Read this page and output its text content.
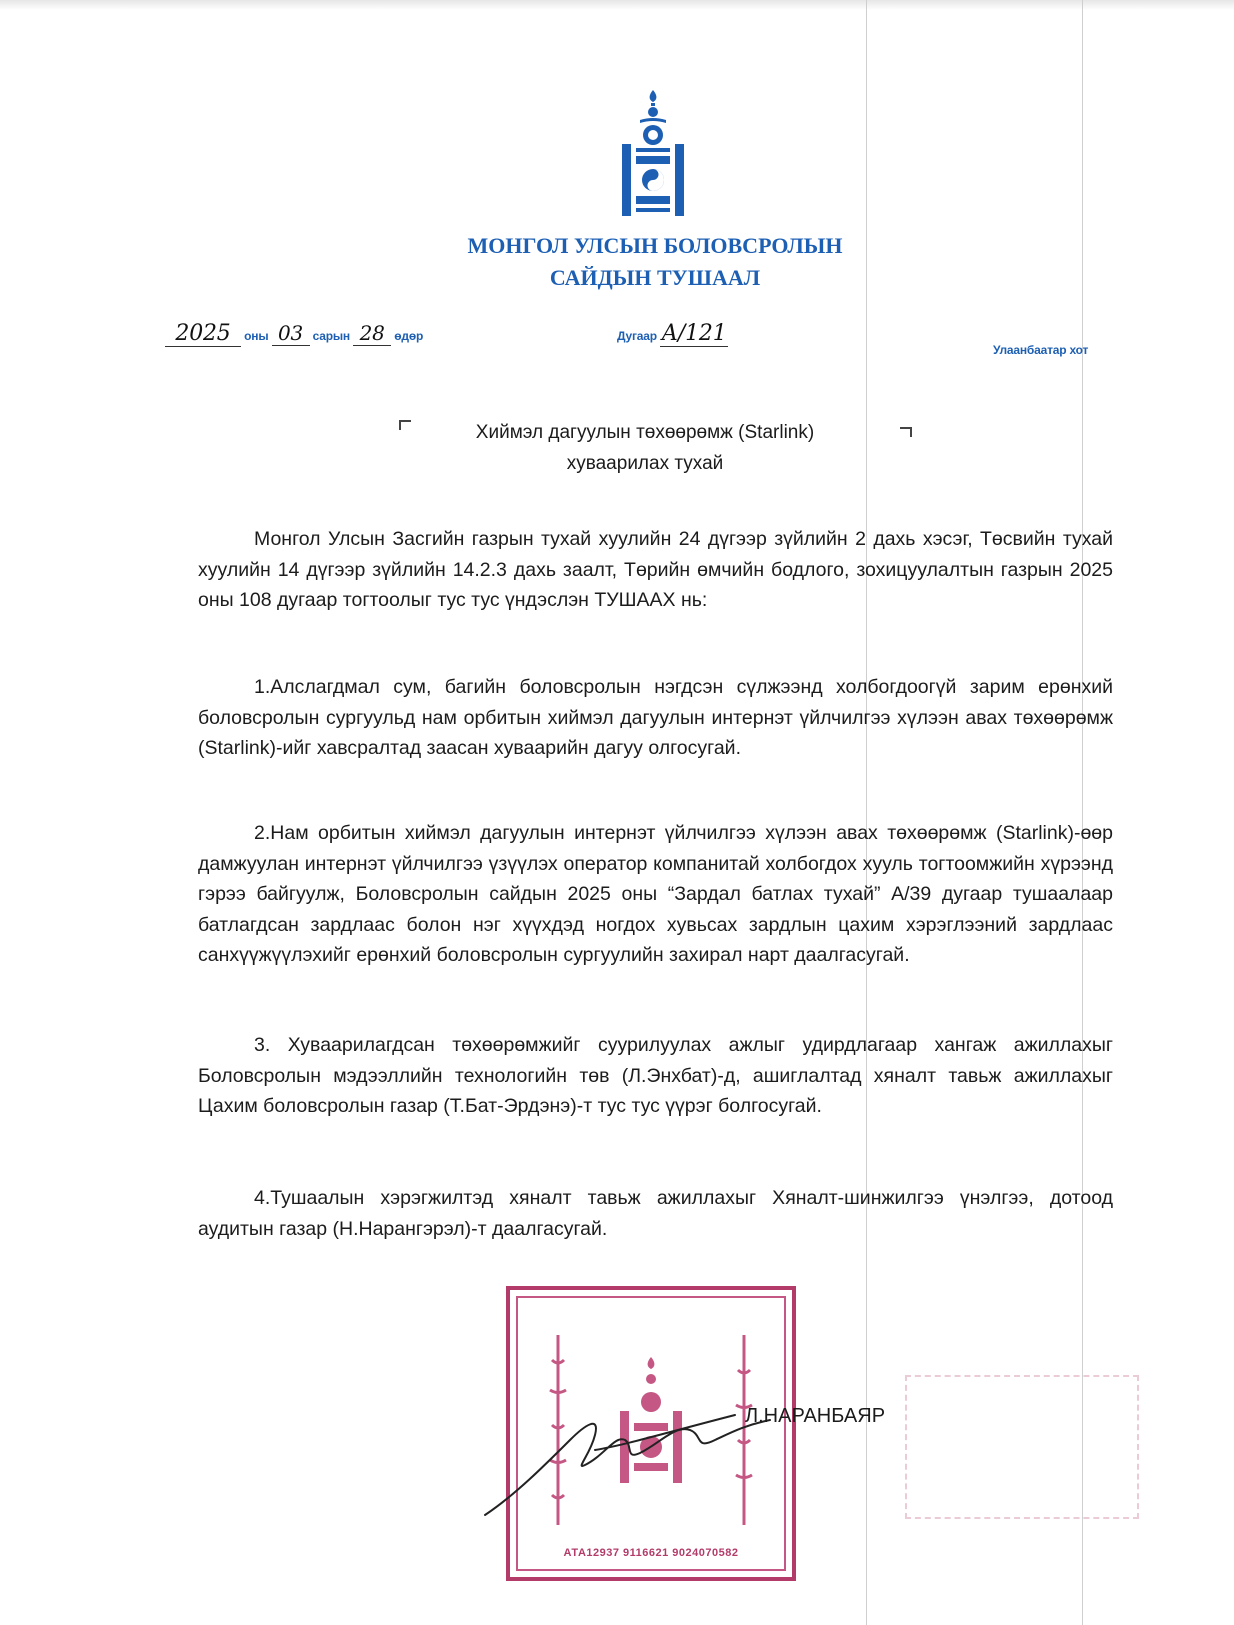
МОНГОЛ УЛСЫН БОЛОВСРОЛЫН
САЙДЫН ТУШААЛ
2025 оны 03 сарын 28 өдөр	Дугаар А/121
Улаанбаатар хот
Хиймэл дагуулын төхөөрөмж (Starlink)
хуваарилах тухай

Монгол Улсын Засгийн газрын тухай хуулийн 24 дүгээр зүйлийн 2 дахь хэсэг, Төсвийн тухай хуулийн 14 дүгээр зүйлийн 14.2.3 дахь заалт, Төрийн өмчийн бодлого, зохицуулалтын газрын 2025 оны 108 дугаар тогтоолыг тус тус үндэслэн ТУШААХ нь:

1.Алслагдмал сум, багийн боловсролын нэгдсэн сүлжээнд холбогдоогүй зарим ерөнхий боловсролын сургуульд нам орбитын хиймэл дагуулын интернэт үйлчилгээ хүлээн авах төхөөрөмж (Starlink)-ийг хавсралтад заасан хуваарийн дагуу олгосугай.

2.Нам орбитын хиймэл дагуулын интернэт үйлчилгээ хүлээн авах төхөөрөмж (Starlink)-өөр дамжуулан интернэт үйлчилгээ үзүүлэх оператор компанитай холбогдох хууль тогтоомжийн хүрээнд гэрээ байгуулж, Боловсролын сайдын 2025 оны “Зардал батлах тухай” А/39 дугаар тушаалаар батлагдсан зардлаас болон нэг хүүхдэд ногдох хувьсах зардлын цахим хэрэглээний зардлаас санхүүжүүлэхийг ерөнхий боловсролын сургуулийн захирал нарт даалгасугай.

3. Хуваарилагдсан төхөөрөмжийг суурилуулах ажлыг удирдлагаар хангаж ажиллахыг Боловсролын мэдээллийн технологийн төв (Л.Энхбат)-д, ашиглалтад хяналт тавьж ажиллахыг Цахим боловсролын газар (Т.Бат-Эрдэнэ)-т тус тус үүрэг болгосугай.

4.Тушаалын хэрэгжилтэд хяналт тавьж ажиллахыг Хяналт-шинжилгээ үнэлгээ, дотоод аудитын газар (Н.Нарангэрэл)-т даалгасугай.

АТА12937 9116621 9024070582
Л.НАРАНБАЯР
